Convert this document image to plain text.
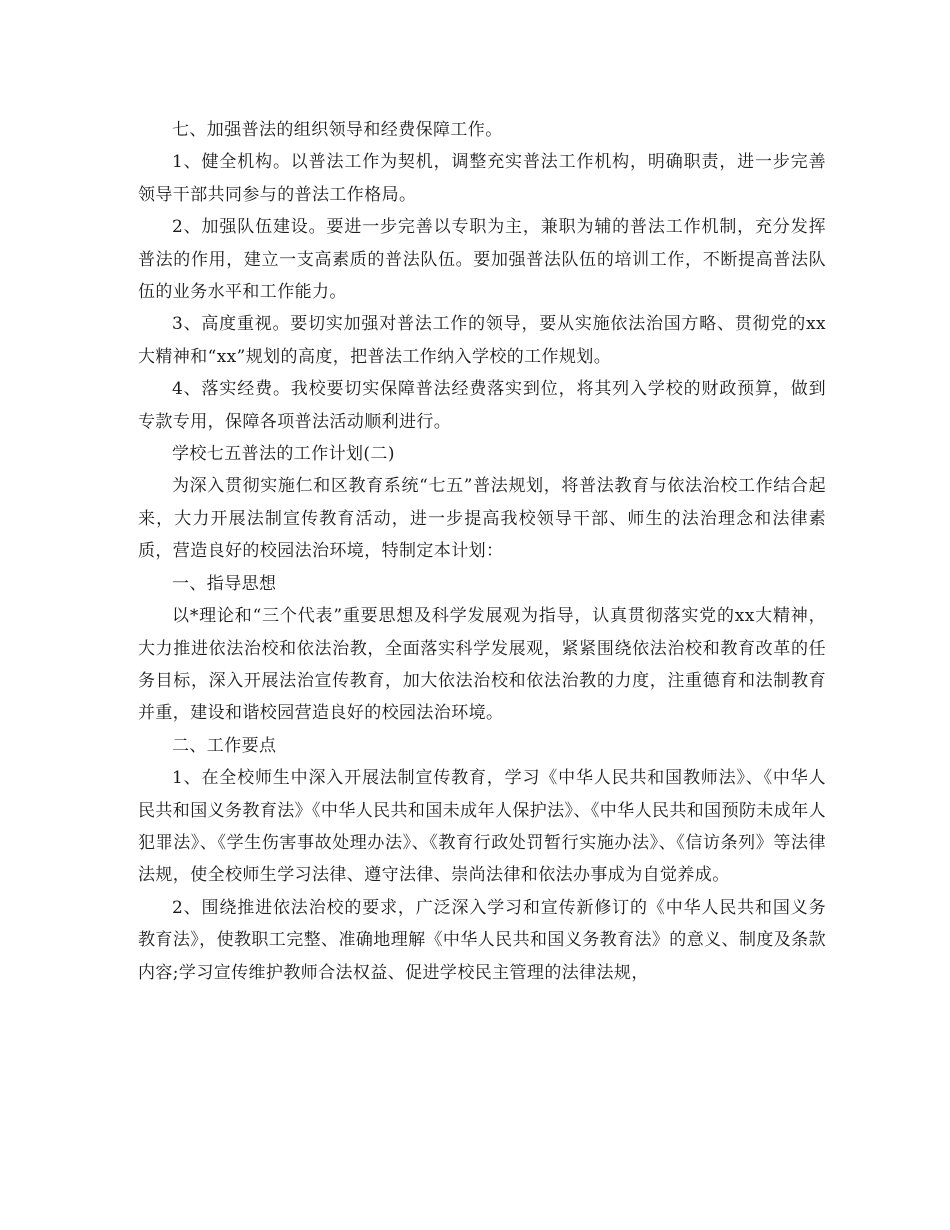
七、加强普法的组织领导和经费保障工作。

1、健全机构。以普法工作为契机，调整充实普法工作机构，明确职责，进一步完善领导干部共同参与的普法工作格局。

2、加强队伍建设。要进一步完善以专职为主，兼职为辅的普法工作机制，充分发挥普法的作用，建立一支高素质的普法队伍。要加强普法队伍的培训工作，不断提高普法队伍的业务水平和工作能力。

3、高度重视。要切实加强对普法工作的领导，要从实施依法治国方略、贯彻党的xx大精神和“xx”规划的高度，把普法工作纳入学校的工作规划。

4、落实经费。我校要切实保障普法经费落实到位，将其列入学校的财政预算，做到专款专用，保障各项普法活动顺利进行。

学校七五普法的工作计划(二)

为深入贯彻实施仁和区教育系统“七五”普法规划，将普法教育与依法治校工作结合起来，大力开展法制宣传教育活动，进一步提高我校领导干部、师生的法治理念和法律素质，营造良好的校园法治环境，特制定本计划：

一、指导思想

以*理论和“三个代表”重要思想及科学发展观为指导，认真贯彻落实党的xx大精神，大力推进依法治校和依法治教，全面落实科学发展观，紧紧围绕依法治校和教育改革的任务目标，深入开展法治宣传教育，加大依法治校和依法治教的力度，注重德育和法制教育并重，建设和谐校园营造良好的校园法治环境。

二、工作要点

1、在全校师生中深入开展法制宣传教育，学习《中华人民共和国教师法》、《中华人民共和国义务教育法》《中华人民共和国未成年人保护法》、《中华人民共和国预防未成年人犯罪法》、《学生伤害事故处理办法》、《教育行政处罚暂行实施办法》、《信访条列》等法律法规，使全校师生学习法律、遵守法律、崇尚法律和依法办事成为自觉养成。

2、围绕推进依法治校的要求，广泛深入学习和宣传新修订的《中华人民共和国义务教育法》，使教职工完整、准确地理解《中华人民共和国义务教育法》的意义、制度及条款内容;学习宣传维护教师合法权益、促进学校民主管理的法律法规，
